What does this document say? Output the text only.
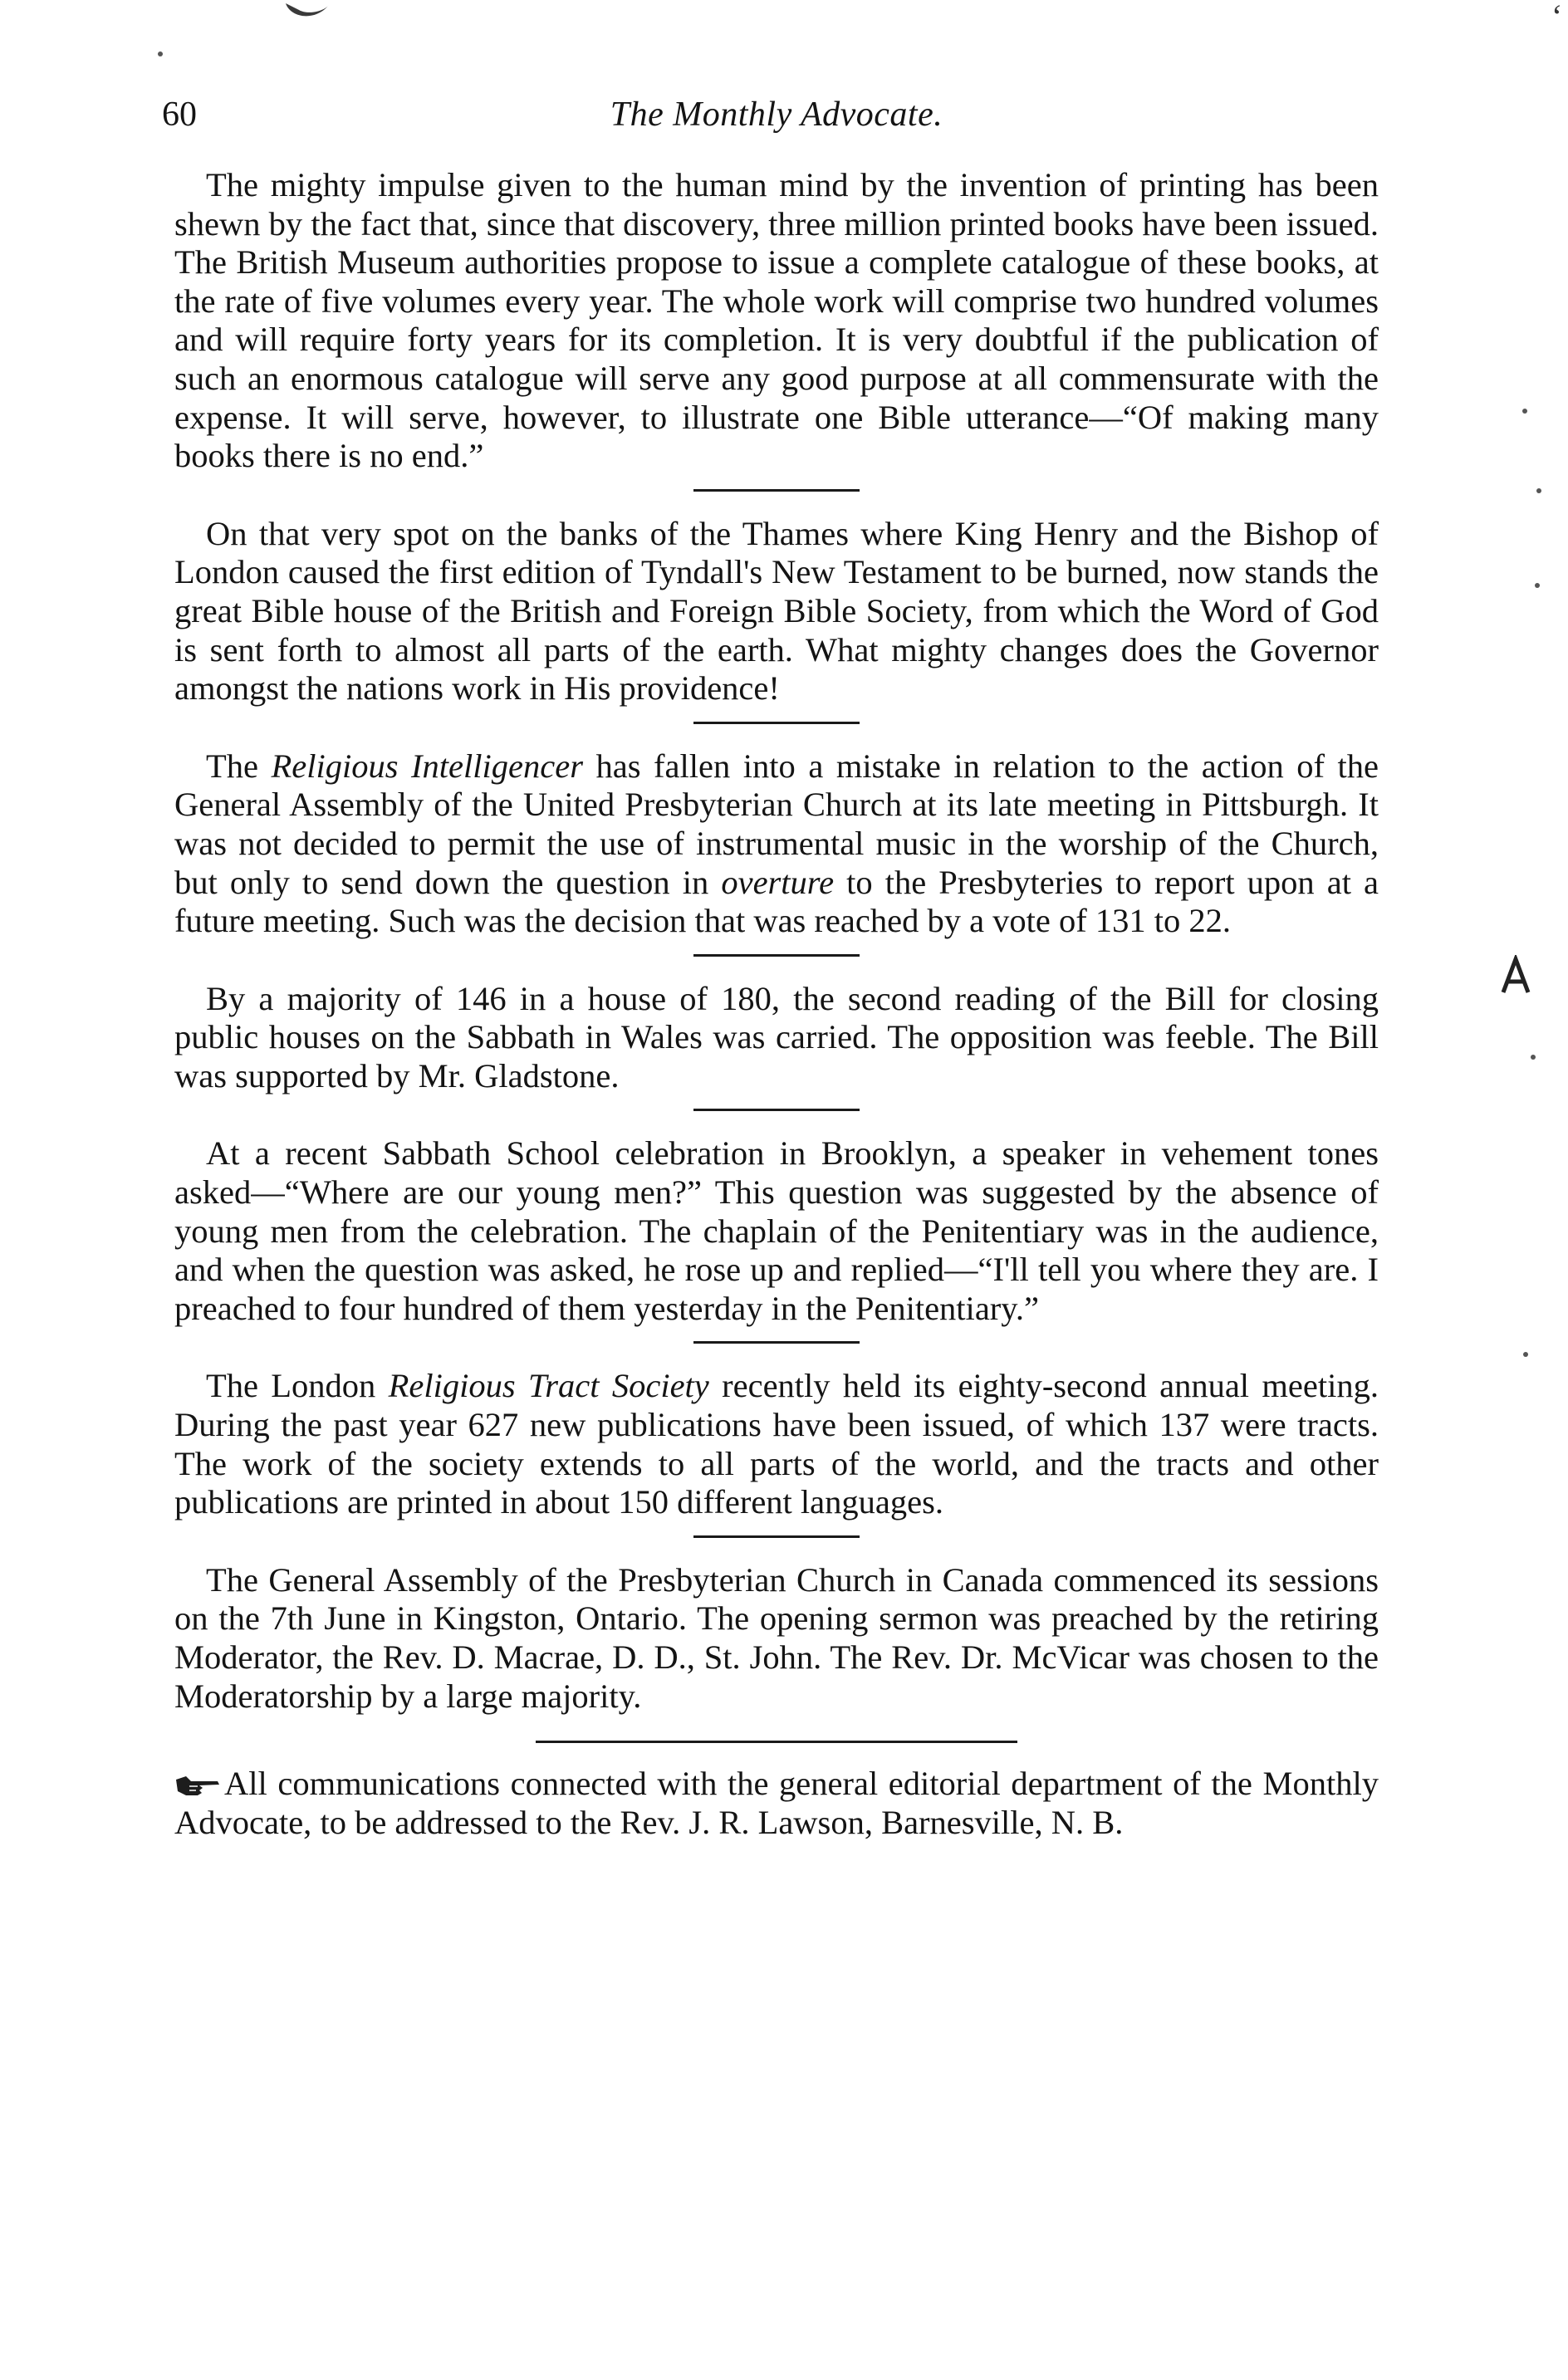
‘
60	The Monthly Advocate.

The mighty impulse given to the human mind by the invention of printing has been shewn by the fact that, since that discovery, three million printed books have been issued. The British Museum authorities propose to issue a complete catalogue of these books, at the rate of five volumes every year. The whole work will comprise two hundred volumes and will require forty years for its completion. It is very doubtful if the publication of such an enormous catalogue will serve any good purpose at all commensurate with the expense. It will serve, however, to illustrate one Bible utterance—“Of making many books there is no end.”

On that very spot on the banks of the Thames where King Henry and the Bishop of London caused the first edition of Tyndall's New Testament to be burned, now stands the great Bible house of the British and Foreign Bible Society, from which the Word of God is sent forth to almost all parts of the earth. What mighty changes does the Governor amongst the nations work in His providence!

The Religious Intelligencer has fallen into a mistake in relation to the action of the General Assembly of the United Presbyterian Church at its late meeting in Pittsburgh. It was not decided to permit the use of instrumental music in the worship of the Church, but only to send down the question in overture to the Presbyteries to report upon at a future meeting. Such was the decision that was reached by a vote of 131 to 22.

By a majority of 146 in a house of 180, the second reading of the Bill for closing public houses on the Sabbath in Wales was carried. The opposition was feeble. The Bill was supported by Mr. Gladstone.

At a recent Sabbath School celebration in Brooklyn, a speaker in vehement tones asked—“Where are our young men?” This question was suggested by the absence of young men from the celebration. The chaplain of the Penitentiary was in the audience, and when the question was asked, he rose up and replied—“I'll tell you where they are. I preached to four hundred of them yesterday in the Penitentiary.”

The London Religious Tract Society recently held its eighty-second annual meeting. During the past year 627 new publications have been issued, of which 137 were tracts. The work of the society extends to all parts of the world, and the tracts and other publications are printed in about 150 different languages.

The General Assembly of the Presbyterian Church in Canada commenced its sessions on the 7th June in Kingston, Ontario. The opening sermon was preached by the retiring Moderator, the Rev. D. Macrae, D. D., St. John. The Rev. Dr. McVicar was chosen to the Moderatorship by a large majority.

All communications connected with the general editorial department of the Monthly Advocate, to be addressed to the Rev. J. R. Lawson, Barnesville, N. B.
